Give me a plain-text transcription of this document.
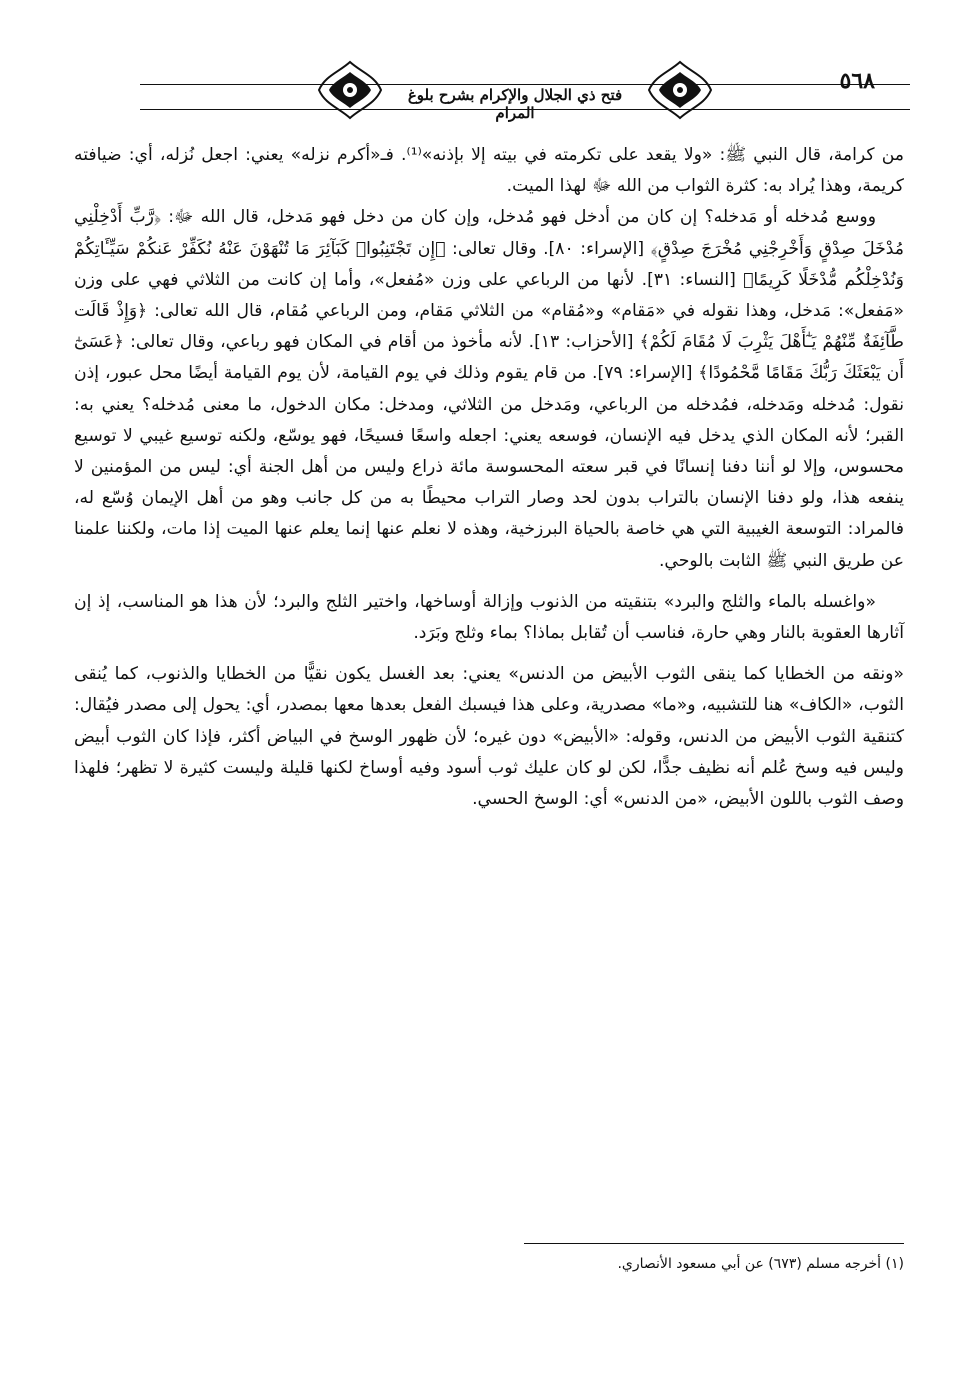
فتح ذي الجلال والإكرام بشرح بلوغ المرام
٥٦٨

من كرامة، قال النبي ﷺ: «ولا يقعد على تكرمته في بيته إلا بإذنه»⁽¹⁾. فـ«أكرم نزله» يعني: اجعل نُزله، أي: ضيافته كريمة، وهذا يُراد به: كثرة الثواب من الله ﷻ لهذا الميت.

ووسع مُدخله أو مَدخله؟ إن كان من أدخل فهو مُدخل، وإن كان من دخل فهو مَدخل، قال الله ﷻ: ﴿رَّبِّ أَدْخِلْنِي مُدْخَلَ صِدْقٍ وَأَخْرِجْنِي مُخْرَجَ صِدْقٍ﴾ [الإسراء: ٨٠]. وقال تعالى: ﴿إِن تَجْتَنِبُوا۟ كَبَآئِرَ مَا تُنْهَوْنَ عَنْهُ نُكَفِّرْ عَنكُمْ سَيِّـَٔاتِكُمْ وَنُدْخِلْكُم مُّدْخَلًا كَرِيمًا﴾ [النساء: ٣١]. لأنها من الرباعي على وزن «مُفعل»، وأما إن كانت من الثلاثي فهي على وزن «مَفعل»: مَدخل، وهذا نقوله في «مَقام» و«مُقام» من الثلاثي مَقام، ومن الرباعي مُقام، قال الله تعالى: ﴿وَإِذْ قَالَت طَّآئِفَةٌ مِّنْهُمْ يَـٰٓأَهْلَ يَثْرِبَ لَا مُقَامَ لَكُمْ﴾ [الأحزاب: ١٣]. لأنه مأخوذ من أقام في المكان فهو رباعي، وقال تعالى: ﴿عَسَىٰٓ أَن يَبْعَثَكَ رَبُّكَ مَقَامًا مَّحْمُودًا﴾ [الإسراء: ٧٩]. من قام يقوم وذلك في يوم القيامة، لأن يوم القيامة أيضًا محل عبور، إذن نقول: مُدخله ومَدخله، فمُدخله من الرباعي، ومَدخل من الثلاثي، ومدخل: مكان الدخول، ما معنى مُدخله؟ يعني به: القبر؛ لأنه المكان الذي يدخل فيه الإنسان، فوسعه يعني: اجعله واسعًا فسيحًا، فهو يوسّع، ولكنه توسيع غيبي لا توسيع محسوس، وإلا لو أننا دفنا إنسانًا في قبر سعته المحسوسة مائة ذراع وليس من أهل الجنة أي: ليس من المؤمنين لا ينفعه هذا، ولو دفنا الإنسان بالتراب بدون لحد وصار التراب محيطًا به من كل جانب وهو من أهل الإيمان وُسّع له، فالمراد: التوسعة الغيبية التي هي خاصة بالحياة البرزخية، وهذه لا نعلم عنها إنما يعلم عنها الميت إذا مات، ولكننا علمنا عن طريق النبي ﷺ الثابت بالوحي.

«واغسله بالماء والثلج والبرد» بتنقيته من الذنوب وإزالة أوساخها، واختير الثلج والبرد؛ لأن هذا هو المناسب، إذ إن آثارها العقوبة بالنار وهي حارة، فناسب أن تُقابل بماذا؟ بماء وثلج وبَرَد.

«ونقه من الخطايا كما ينقى الثوب الأبيض من الدنس» يعني: بعد الغسل يكون نقيًّا من الخطايا والذنوب، كما يُنقى الثوب، «الكاف» هنا للتشبيه، و«ما» مصدرية، وعلى هذا فيسبك الفعل بعدها معها بمصدر، أي: يحول إلى مصدر فيُقال: كتنقية الثوب الأبيض من الدنس، وقوله: «الأبيض» دون غيره؛ لأن ظهور الوسخ في البياض أكثر، فإذا كان الثوب أبيض وليس فيه وسخ عُلم أنه نظيف جدًّا، لكن لو كان عليك ثوب أسود وفيه أوساخ لكنها قليلة وليست كثيرة لا تظهر؛ فلهذا وصف الثوب باللون الأبيض، «من الدنس» أي: الوسخ الحسي.

(١) أخرجه مسلم (٦٧٣) عن أبي مسعود الأنصاري.
